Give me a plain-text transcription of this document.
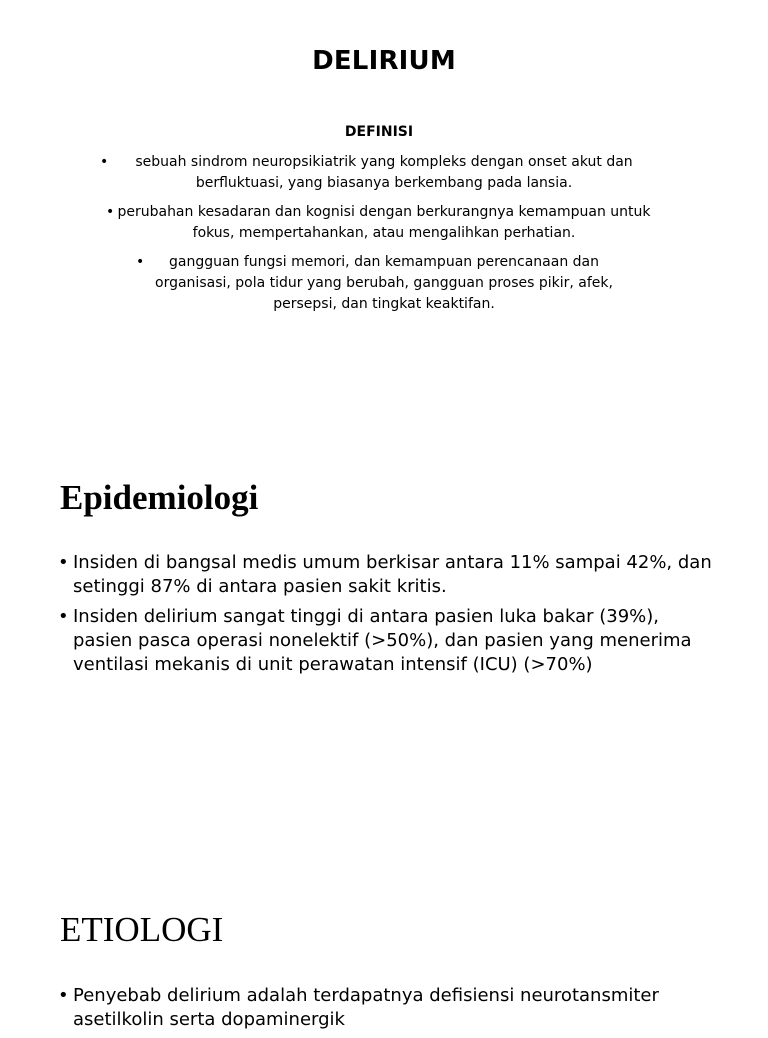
DELIRIUM
DEFINISI
• sebuah sindrom neuropsikiatrik yang kompleks dengan onset akut dan berfluktuasi, yang biasanya berkembang pada lansia.
• perubahan kesadaran dan kognisi dengan berkurangnya kemampuan untuk fokus, mempertahankan, atau mengalihkan perhatian.
• gangguan fungsi memori, dan kemampuan perencanaan dan organisasi, pola tidur yang berubah, gangguan proses pikir, afek, persepsi, dan tingkat keaktifan.
Epidemiologi
• Insiden di bangsal medis umum berkisar antara 11% sampai 42%, dan setinggi 87% di antara pasien sakit kritis.
• Insiden delirium sangat tinggi di antara pasien luka bakar (39%), pasien pasca operasi nonelektif (>50%), dan pasien yang menerima ventilasi mekanis di unit perawatan intensif (ICU) (>70%)
ETIOLOGI
• Penyebab delirium adalah terdapatnya defisiensi neurotansmiter asetilkolin serta dopaminergik
